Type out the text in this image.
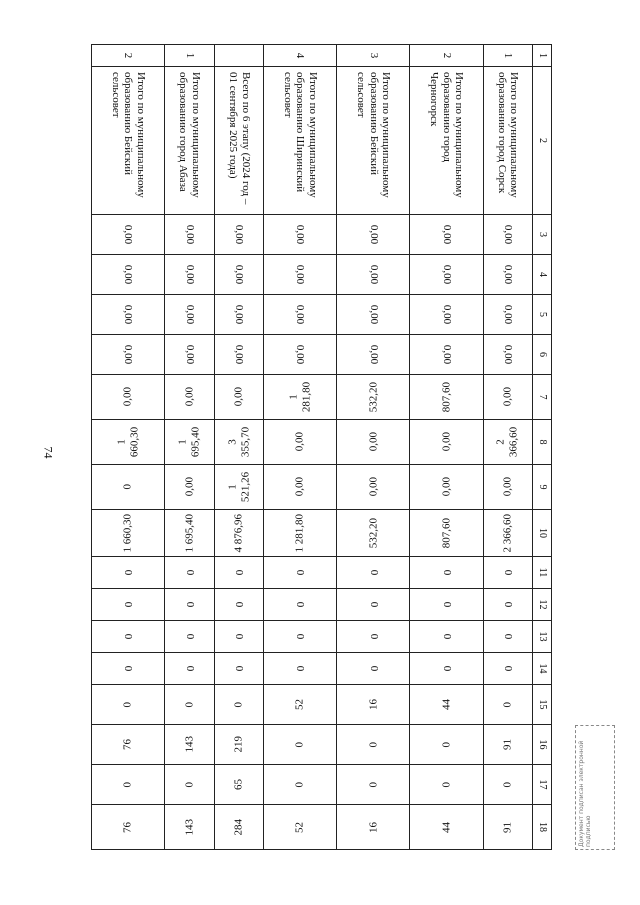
74
1	2	3	4	5	6	7	8	9	10	11	12	13	14	15	16	17	18
1	Итого по муниципальному образованию город Сорск	0,00	0,00	0,00	0,00	0,00	2 366,60	0,00	2 366,60	0	0	0	0	0	91	0	91
2	Итого по муниципальному образованию город Черногорск	0,00	0,00	0,00	0,00	807,60	0,00	0,00	807,60	0	0	0	0	44	0	0	44
3	Итого по муниципальному образованию Бейский сельсовет	0,00	0,00	0,00	0,00	532,20	0,00	0,00	532,20	0	0	0	0	16	0	0	16
4	Итого по муниципальному образованию Ширинский сельсовет	0,00	0,00	0,00	0,00	1 281,80	0,00	0,00	1 281,80	0	0	0	0	52	0	0	52
	Всего по 6 этапу (2024 год – 01 сентября 2025 года)	0,00	0,00	0,00	0,00	0,00	3 355,70	1 521,26	4 876,96	0	0	0	0	0	219	65	284
1	Итого по муниципальному образованию город Абаза	0,00	0,00	0,00	0,00	0,00	1 695,40	0,00	1 695,40	0	0	0	0	0	143	0	143
2	Итого по муниципальному образованию Бейский сельсовет	0,00	0,00	0,00	0,00	0,00	1 660,30	0	1 660,30	0	0	0	0	0	76	0	76	Документ подписан электронной подписью
